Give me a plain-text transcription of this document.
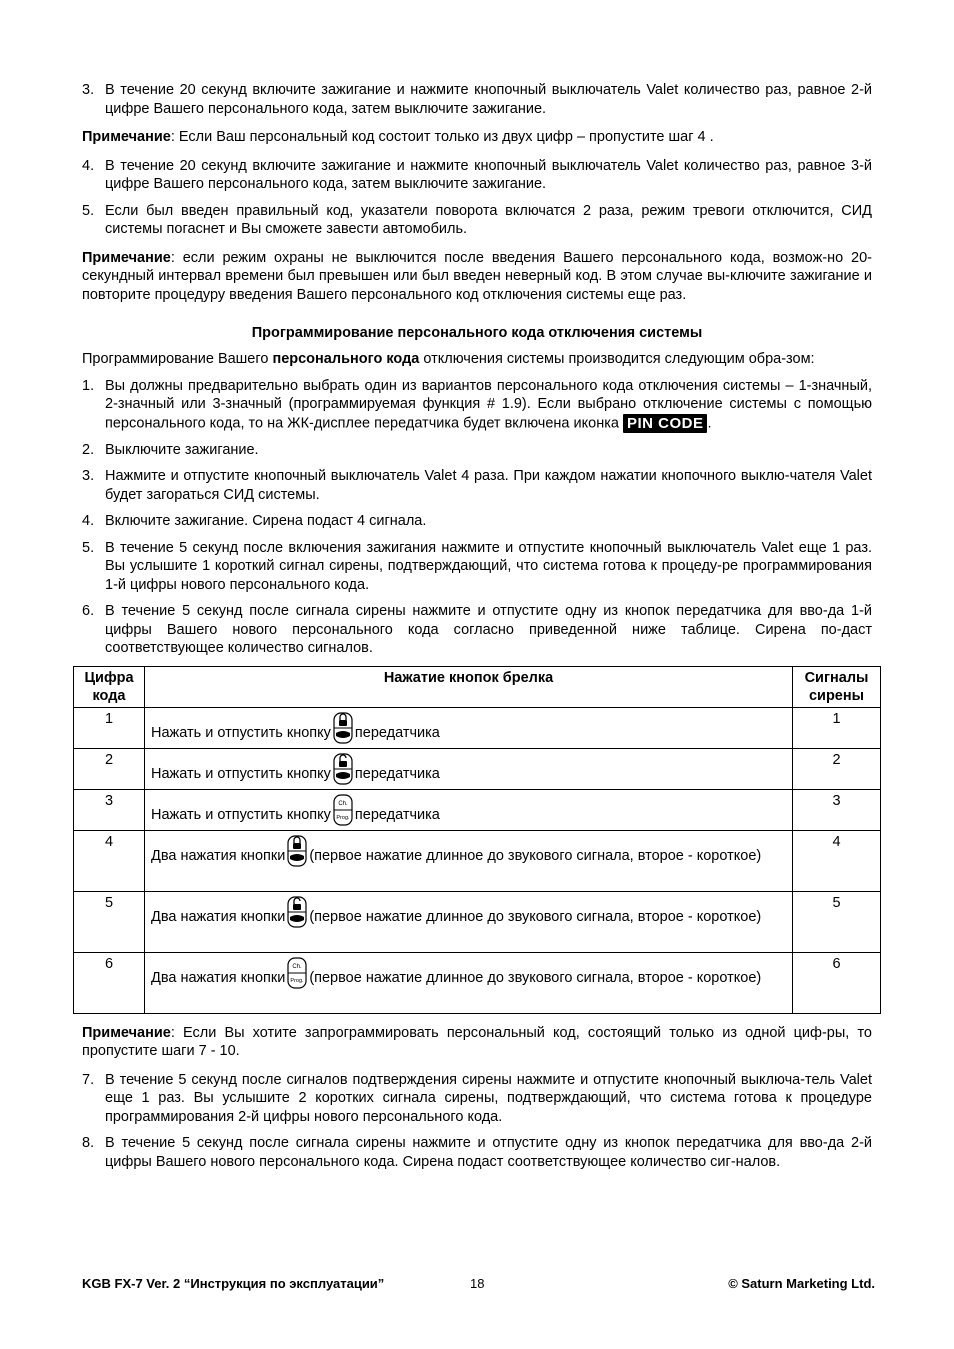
3. В течение 20 секунд включите зажигание и нажмите кнопочный выключатель Valet количество раз, равное 2-й цифре Вашего персонального кода, затем выключите зажигание.
Примечание: Если Ваш персональный код состоит только из двух цифр – пропустите шаг 4 .
4. В течение 20 секунд включите зажигание и нажмите кнопочный выключатель Valet количество раз, равное 3-й цифре Вашего персонального кода, затем выключите зажигание.
5. Если был введен правильный код, указатели поворота включатся 2 раза, режим тревоги отключится, СИД системы погаснет и Вы сможете завести автомобиль.
Примечание: если режим охраны не выключится после введения Вашего персонального кода, возмож-но 20-секундный интервал времени был превышен или был введен неверный код. В этом случае вы-ключите зажигание и повторите процедуру введения Вашего персонального код отключения системы еще раз.
Программирование персонального кода отключения системы
Программирование Вашего персонального кода отключения системы производится следующим обра-зом:
1. Вы должны предварительно выбрать один из вариантов персонального кода отключения системы – 1-значный, 2-значный или 3-значный (программируемая функция # 1.9). Если выбрано отключение системы с помощью персонального кода, то на ЖК-дисплее передатчика будет включена иконка PIN CODE .
2. Выключите зажигание.
3. Нажмите и отпустите кнопочный выключатель Valet 4 раза. При каждом нажатии кнопочного выклю-чателя Valet будет загораться СИД системы.
4. Включите зажигание. Сирена подаст 4 сигнала.
5. В течение 5 секунд после включения зажигания нажмите и отпустите кнопочный выключатель Valet еще 1 раз. Вы услышите 1 короткий сигнал сирены, подтверждающий, что система готова к процеду-ре программирования 1-й цифры нового персонального кода.
6. В течение 5 секунд после сигнала сирены нажмите и отпустите одну из кнопок передатчика для вво-да 1-й цифры Вашего нового персонального кода согласно приведенной ниже таблице. Сирена по-даст соответствующее количество сигналов.
Цифра кода	Нажатие кнопок брелка	Сигналы сирены
1	Нажать и отпустить кнопку передатчика	1
2	Нажать и отпустить кнопку передатчика	2
3	Нажать и отпустить кнопку
Ch.
Prog. передатчика	3
4	Два нажатия кнопки (первое нажатие длинное до звукового сигнала, второе - короткое)	4
5	Два нажатия кнопки (первое нажатие длинное до звукового сигнала, второе - короткое)	5
6	Два нажатия кнопки
Ch.
Prog. (первое нажатие длинное до звукового сигнала, второе - короткое)	6
Примечание: Если Вы хотите запрограммировать персональный код, состоящий только из одной циф-ры, то пропустите шаги 7 - 10.
7. В течение 5 секунд после сигналов подтверждения сирены нажмите и отпустите кнопочный выключа-тель Valet еще 1 раз. Вы услышите 2 коротких сигнала сирены, подтверждающий, что система готова к процедуре программирования 2-й цифры нового персонального кода.
8. В течение 5 секунд после сигнала сирены нажмите и отпустите одну из кнопок передатчика для вво-да 2-й цифры Вашего нового персонального кода. Сирена подаст соответствующее количество сиг-налов.
KGB FX-7 Ver. 2 “Инструкция по эксплуатации”	18	© Saturn Marketing Ltd.
